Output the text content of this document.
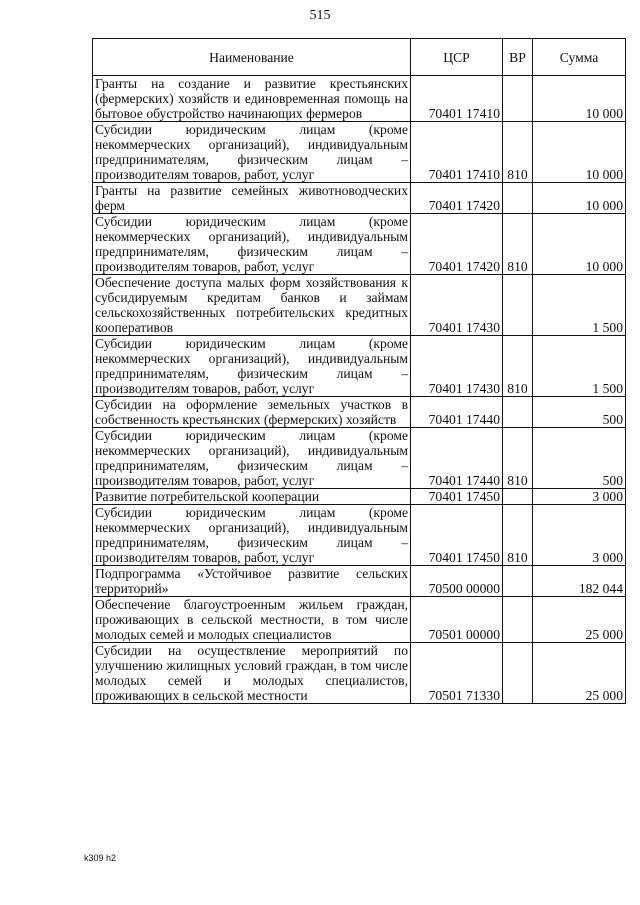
515
Наименование	ЦСР	ВР	Сумма
Гранты на создание и развитие крестьянских (фермерских) хозяйств и единовременная помощь на бытовое обустройство начинающих фермеров	70401 17410		10 000
Субсидии юридическим лицам (кроме некоммерческих организаций), индивидуальным предпринимателям, физическим лицам – производителям товаров, работ, услуг	70401 17410	810	10 000
Гранты на развитие семейных животноводческих ферм	70401 17420		10 000
Субсидии юридическим лицам (кроме некоммерческих организаций), индивидуальным предпринимателям, физическим лицам – производителям товаров, работ, услуг	70401 17420	810	10 000
Обеспечение доступа малых форм хозяйствования к субсидируемым кредитам банков и займам сельскохозяйственных потребительских кредитных кооперативов	70401 17430		1 500
Субсидии юридическим лицам (кроме некоммерческих организаций), индивидуальным предпринимателям, физическим лицам – производителям товаров, работ, услуг	70401 17430	810	1 500
Субсидии на оформление земельных участков в собственность крестьянских (фермерских) хозяйств	70401 17440		500
Субсидии юридическим лицам (кроме некоммерческих организаций), индивидуальным предпринимателям, физическим лицам – производителям товаров, работ, услуг	70401 17440	810	500
Развитие потребительской кооперации	70401 17450		3 000
Субсидии юридическим лицам (кроме некоммерческих организаций), индивидуальным предпринимателям, физическим лицам – производителям товаров, работ, услуг	70401 17450	810	3 000
Подпрограмма «Устойчивое развитие сельских территорий»	70500 00000		182 044
Обеспечение благоустроенным жильем граждан, проживающих в сельской местности, в том числе молодых семей и молодых специалистов	70501 00000		25 000
Субсидии на осуществление мероприятий по улучшению жилищных условий граждан, в том числе молодых семей и молодых специалистов, проживающих в сельской местности	70501 71330		25 000
k309 h2
